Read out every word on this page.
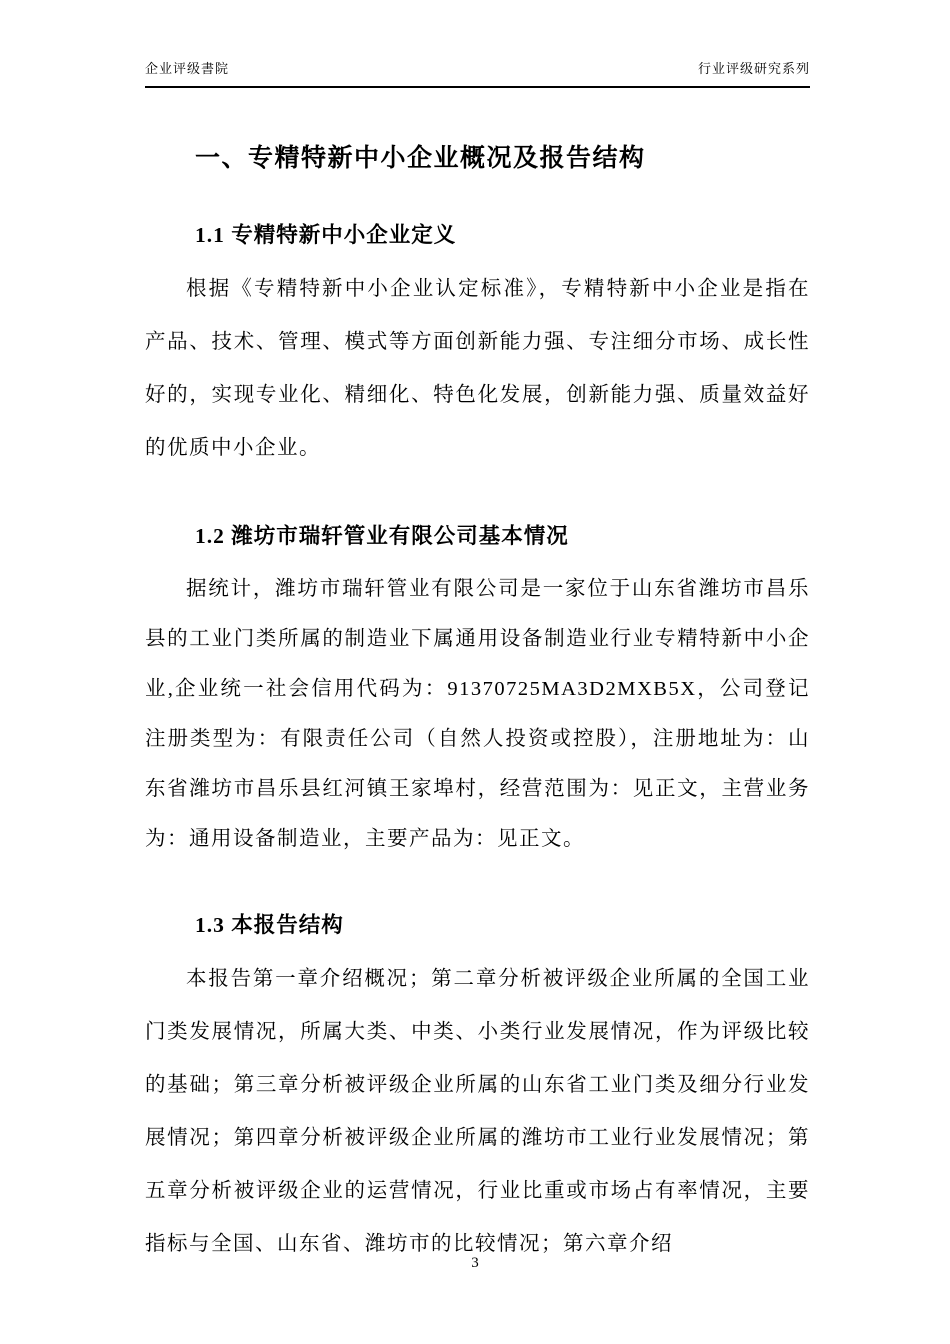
企业评级書院	行业评级研究系列
一、专精特新中小企业概况及报告结构
1.1 专精特新中小企业定义

根据《专精特新中小企业认定标准》，专精特新中小企业是指在产品、技术、管理、模式等方面创新能力强、专注细分市场、成长性好的，实现专业化、精细化、特色化发展，创新能力强、质量效益好的优质中小企业。

1.2 潍坊市瑞轩管业有限公司基本情况

据统计，潍坊市瑞轩管业有限公司是一家位于山东省潍坊市昌乐县的工业门类所属的制造业下属通用设备制造业行业专精特新中小企业,企业统一社会信用代码为：91370725MA3D2MXB5X，公司登记注册类型为：有限责任公司（自然人投资或控股），注册地址为：山东省潍坊市昌乐县红河镇王家埠村，经营范围为：见正文，主营业务为：通用设备制造业，主要产品为：见正文。

1.3 本报告结构

本报告第一章介绍概况；第二章分析被评级企业所属的全国工业门类发展情况，所属大类、中类、小类行业发展情况，作为评级比较的基础；第三章分析被评级企业所属的山东省工业门类及细分行业发展情况；第四章分析被评级企业所属的潍坊市工业行业发展情况；第五章分析被评级企业的运营情况，行业比重或市场占有率情况，主要指标与全国、山东省、潍坊市的比较情况；第六章介绍

3
